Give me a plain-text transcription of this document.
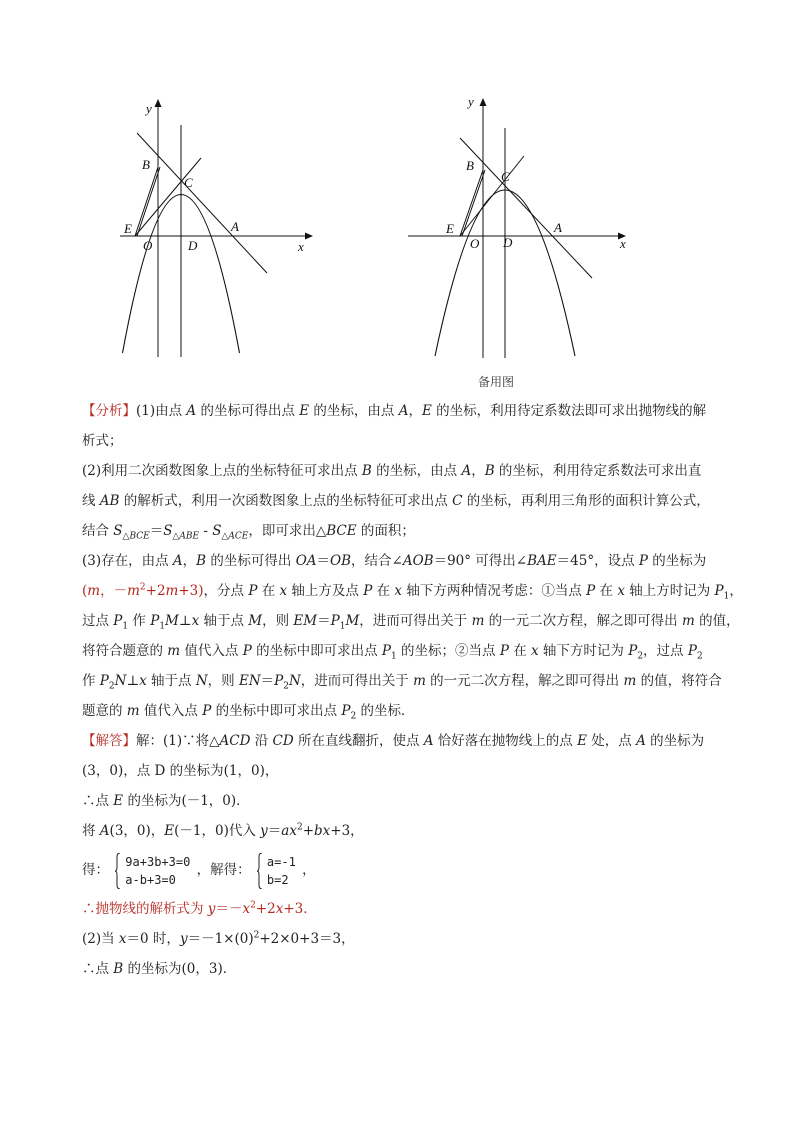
y
x
B
C
E
O	D
A
y
x
B
C
E
O D
A
备用图
【分析】(1)由点 A 的坐标可得出点 E 的坐标，由点 A，E 的坐标，利用待定系数法即可求出抛物线的解
析式；
(2)利用二次函数图象上点的坐标特征可求出点 B 的坐标，由点 A，B 的坐标，利用待定系数法可求出直
线 AB 的解析式，利用一次函数图象上点的坐标特征可求出点 C 的坐标，再利用三角形的面积计算公式，
结合 $S_{\triangle BCE}=S_{\triangle ABE} - S_{\triangle ACE}$，即可求出△BCE 的面积；
(3)存在，由点 A，B 的坐标可得出 OA＝OB，结合∠AOB＝90° 可得出∠BAE＝45°，设点 P 的坐标为
(m，$-m^2+2m+3$)，分点 P 在 x 轴上方及点 P 在 x 轴下方两种情况考虑：①当点 P 在 x 轴上方时记为 $P_1$，
过点 $P_1$ 作 $P_1M\perp x$ 轴于点 M，则 $EM=P_1M$，进而可得出关于 m 的一元二次方程，解之即可得出 m 的值，
将符合题意的 m 值代入点 P 的坐标中即可求出点 $P_1$ 的坐标；②当点 P 在 x 轴下方时记为 $P_2$，过点 $P_2$
作 $P_2N\perp x$ 轴于点 N，则 $EN=P_2N$，进而可得出关于 m 的一元二次方程，解之即可得出 m 的值，将符合
题意的 m 值代入点 P 的坐标中即可求出点 $P_2$ 的坐标．
【解答】解：(1)∵将△ACD 沿 CD 所在直线翻折，使点 A 恰好落在抛物线上的点 E 处，点 A 的坐标为
(3，0)，点 D 的坐标为(1，0)，
∴点 E 的坐标为(－1，0)．
将 A(3，0)，E(－1，0)代入 $y=ax^2+bx+3$，
得：
9a+3b+3=0
a-b+3=0
，解得：
a=-1
b=2
，
∴抛物线的解析式为 $y=-x^2+2x+3$．
(2)当 x＝0 时，$y=-1\times(0)^2+2\times 0+3=3$，
∴点 B 的坐标为(0，3)．
